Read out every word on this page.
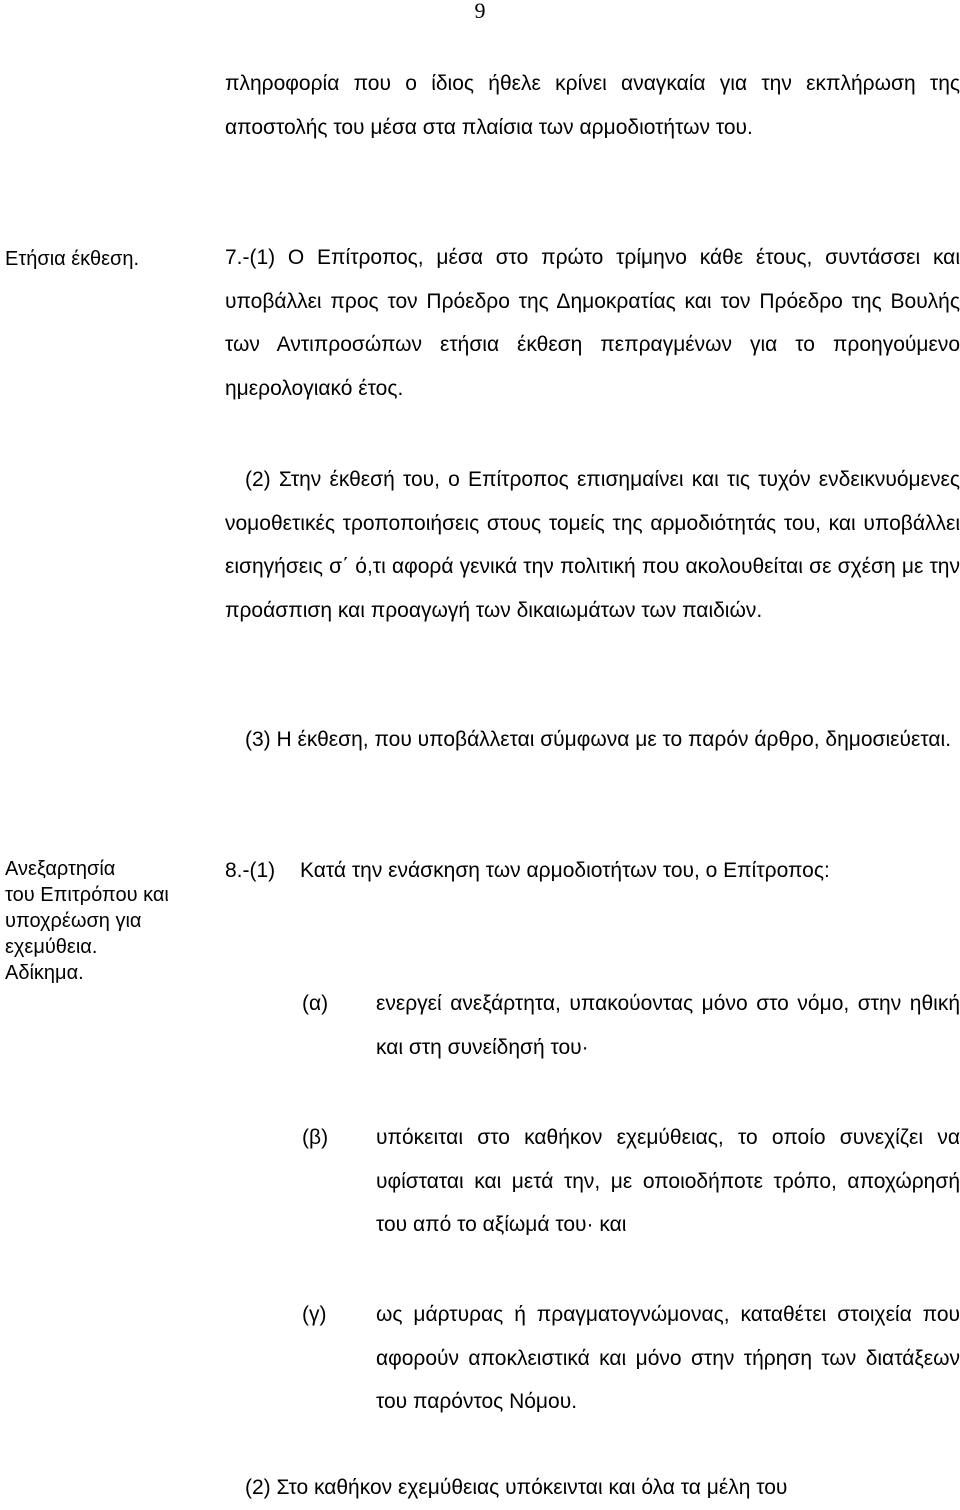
9

πληροφορία που ο ίδιος ήθελε κρίνει αναγκαία για την εκπλήρωση της αποστολής του μέσα στα πλαίσια των αρμοδιοτήτων του.

Ετήσια έκθεση.	7.-(1) Ο Επίτροπος, μέσα στο πρώτο τρίμηνο κάθε έτους, συντάσσει και υποβάλλει προς τον Πρόεδρο της Δημοκρατίας και τον Πρόεδρο της Βουλής των Αντιπροσώπων ετήσια έκθεση πεπραγμένων για το προηγούμενο ημερολογιακό έτος.

(2) Στην έκθεσή του, ο Επίτροπος επισημαίνει και τις τυχόν ενδεικνυόμενες νομοθετικές τροποποιήσεις στους τομείς της αρμοδιότητάς του, και υποβάλλει εισηγήσεις σ΄ ό,τι αφορά γενικά την πολιτική που ακολουθείται σε σχέση με την προάσπιση και προαγωγή των δικαιωμάτων των παιδιών.

(3) Η έκθεση, που υποβάλλεται σύμφωνα με το παρόν άρθρο, δημοσιεύεται.

Ανεξαρτησία
του Επιτρόπου και
υποχρέωση για
εχεμύθεια.
Αδίκημα.

8.-(1) Κατά την ενάσκηση των αρμοδιοτήτων του, ο Επίτροπος:

(α) ενεργεί ανεξάρτητα, υπακούοντας μόνο στο νόμο, στην ηθική και στη συνείδησή του·

(β) υπόκειται στο καθήκον εχεμύθειας, το οποίο συνεχίζει να υφίσταται και μετά την, με οποιοδήποτε τρόπο, αποχώρησή του από το αξίωμά του· και

(γ) ως μάρτυρας ή πραγματογνώμονας, καταθέτει στοιχεία που αφορούν αποκλειστικά και μόνο στην τήρηση των διατάξεων του παρόντος Νόμου.

(2) Στο καθήκον εχεμύθειας υπόκεινται και όλα τα μέλη του
